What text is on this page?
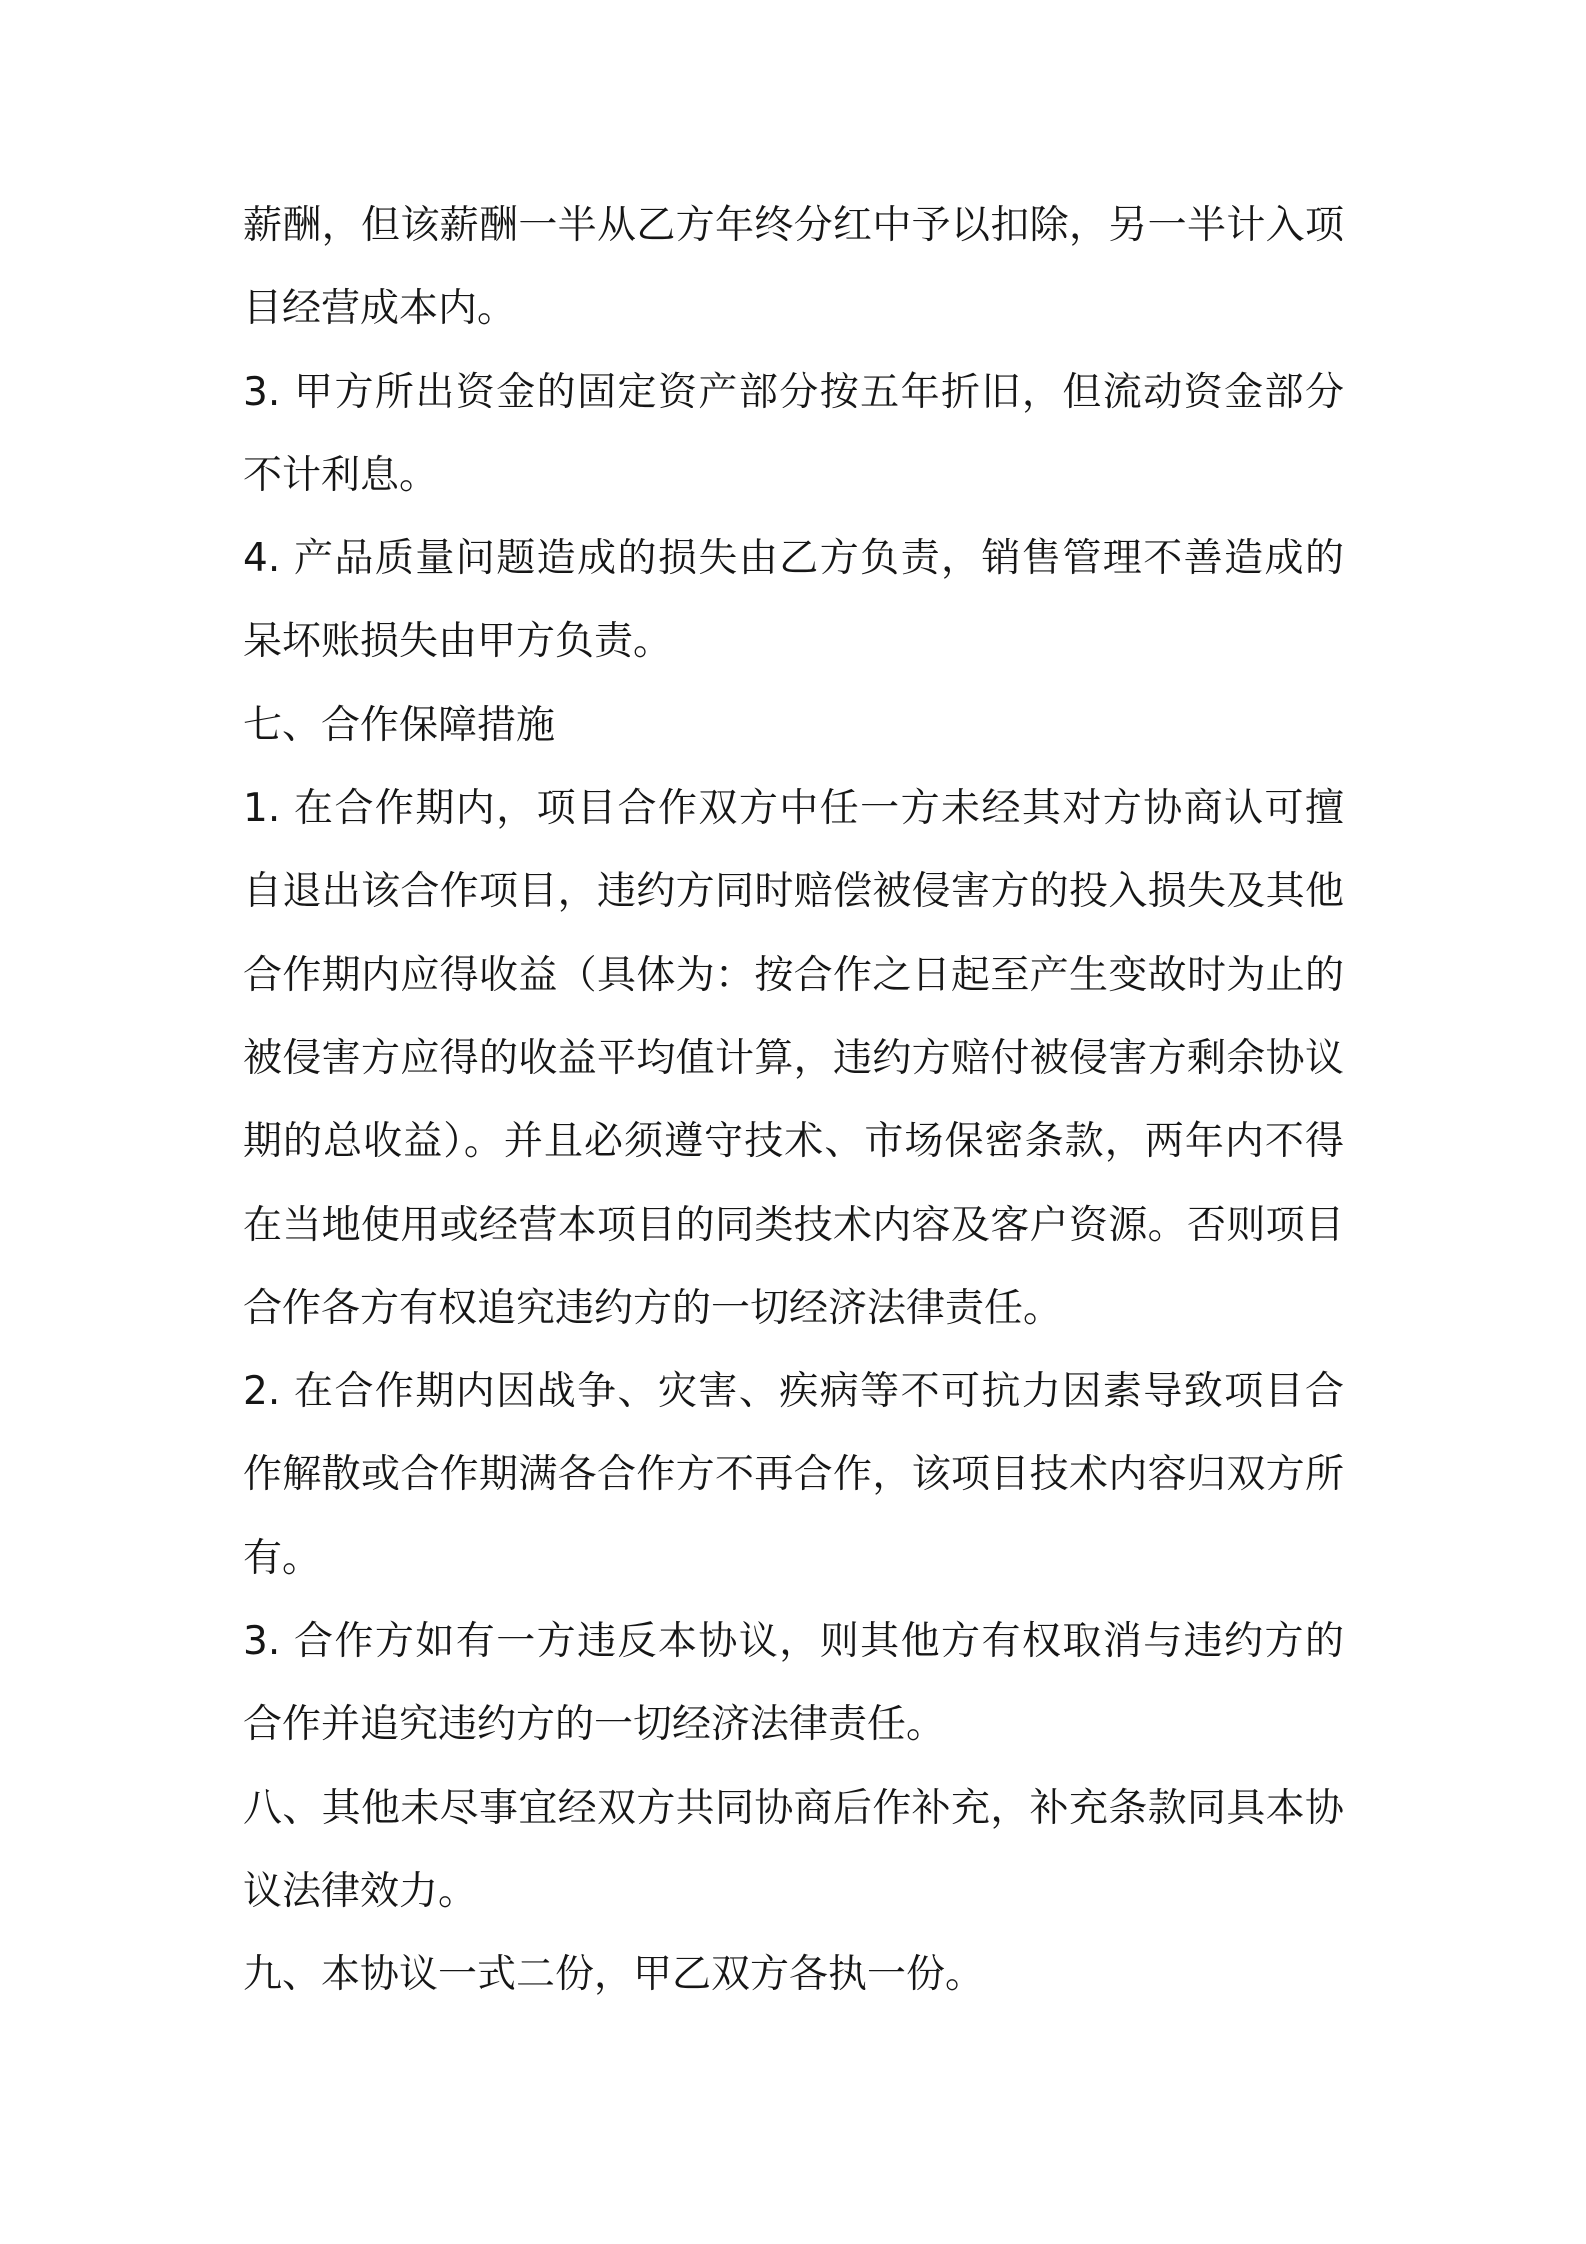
薪酬，但该薪酬一半从乙方年终分红中予以扣除，另一半计入项
目经营成本内。
3. 甲方所出资金的固定资产部分按五年折旧，但流动资金部分
不计利息。
4. 产品质量问题造成的损失由乙方负责，销售管理不善造成的
呆坏账损失由甲方负责。
七、合作保障措施
1. 在合作期内，项目合作双方中任一方未经其对方协商认可擅
自退出该合作项目，违约方同时赔偿被侵害方的投入损失及其他
合作期内应得收益（具体为：按合作之日起至产生变故时为止的
被侵害方应得的收益平均值计算，违约方赔付被侵害方剩余协议
期的总收益）。并且必须遵守技术、市场保密条款，两年内不得
在当地使用或经营本项目的同类技术内容及客户资源。否则项目
合作各方有权追究违约方的一切经济法律责任。
2. 在合作期内因战争、灾害、疾病等不可抗力因素导致项目合
作解散或合作期满各合作方不再合作，该项目技术内容归双方所
有。
3. 合作方如有一方违反本协议，则其他方有权取消与违约方的
合作并追究违约方的一切经济法律责任。
八、其他未尽事宜经双方共同协商后作补充，补充条款同具本协
议法律效力。
九、本协议一式二份，甲乙双方各执一份。
